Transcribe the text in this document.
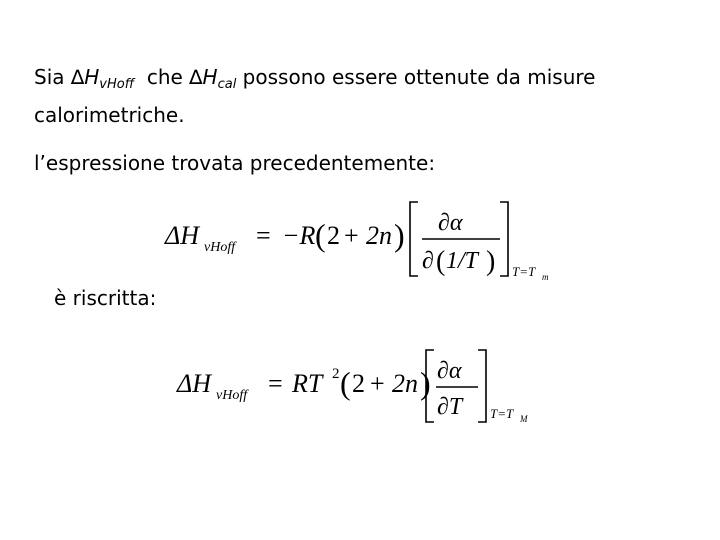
Sia $\Delta H_{vHoff}$  che $\Delta H_{cal}$ possono essere ottenute da misure
calorimetriche.
l’espressione trovata precedentemente:
ΔH vHoff = −R ( 2 + 2n ) ∂α
∂ ( 1/T ) T=T m
è riscritta:
ΔH vHoff = RT 2 ( 2 + 2n ) ∂α
∂T T=T M
